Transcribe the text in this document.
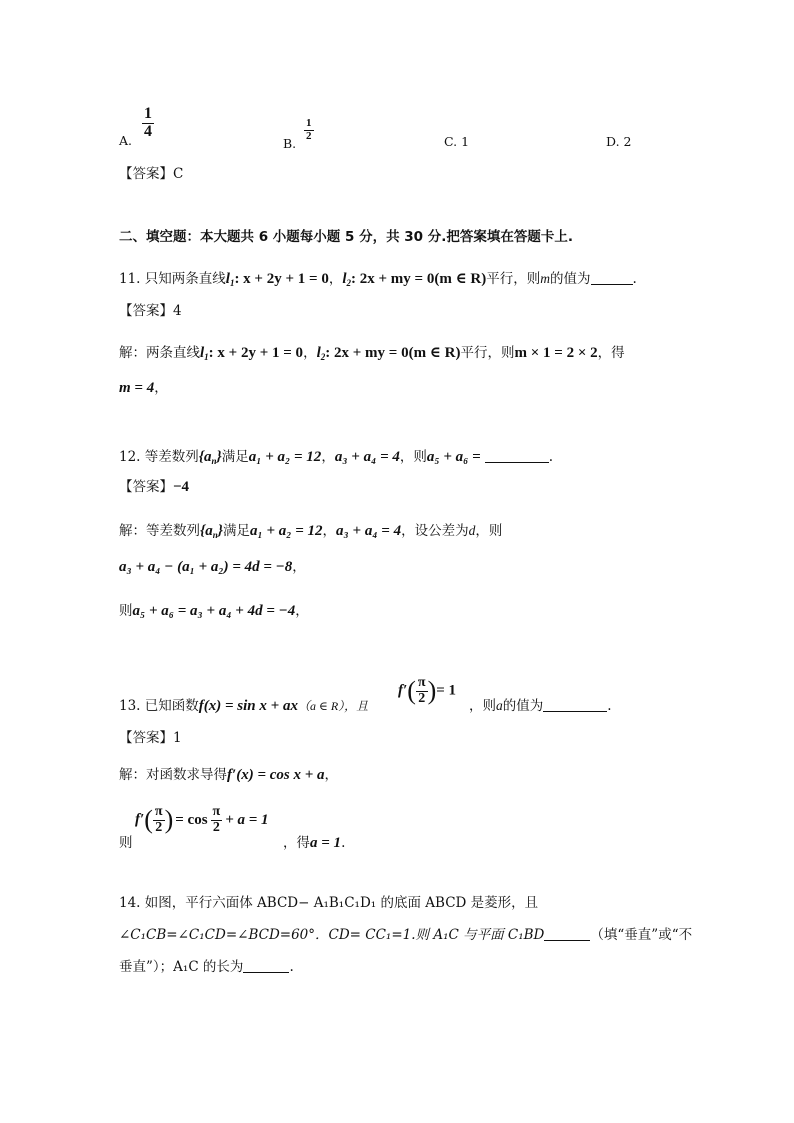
A. $\frac{1}{4}$
B.
$\frac{1}{2}$	C. 1	D. 2
【答案】C
二、填空题：本大题共 6 小题每小题 5 分，共 30 分.把答案填在答题卡上.
11. 只知两条直线$l_1$: x + 2y + 1 = 0，$l_2$: 2x + my = 0(m ∈ R)平行，则m的值为	.
【答案】4
解：两条直线$l_1$: x + 2y + 1 = 0，$l_2$: 2x + my = 0(m ∈ R)平行，则m × 1 = 2 × 2，得
m = 4，
12. 等差数列$\{a_n\}$满足a₁ + a₂ = 12，a₃ + a₄ = 4，则a₅ + a₆ =	.
【答案】−4
解：等差数列$\{a_n\}$满足a₁ + a₂ = 12，a₃ + a₄ = 4，设公差为d，则
a₃ + a₄ − (a₁ + a₂) = 4d = −8，
则a₅ + a₆ = a₃ + a₄ + 4d = −4，
13. 已知函数f(x) = sin x + ax（a ∈ R），且
$f'( \frac{\pi}{2}$ )= 1
，则a的值为	.
【答案】1
解：对函数求导得f′(x) = cos x + a，
则
$f'( \frac{\pi}{2}$ ) = $\cos \frac{\pi}{2} + a = 1$
，得a = 1.
14. 如图，平行六面体 ABCD− A₁B₁C₁D₁ 的底面 ABCD 是菱形，且
∠C₁CB=∠C₁CD=∠BCD=60°．CD= CC₁=1.则 A₁C 与平面 C₁BD	（填“垂直”或“不
垂直”）；A₁C 的长为	.
